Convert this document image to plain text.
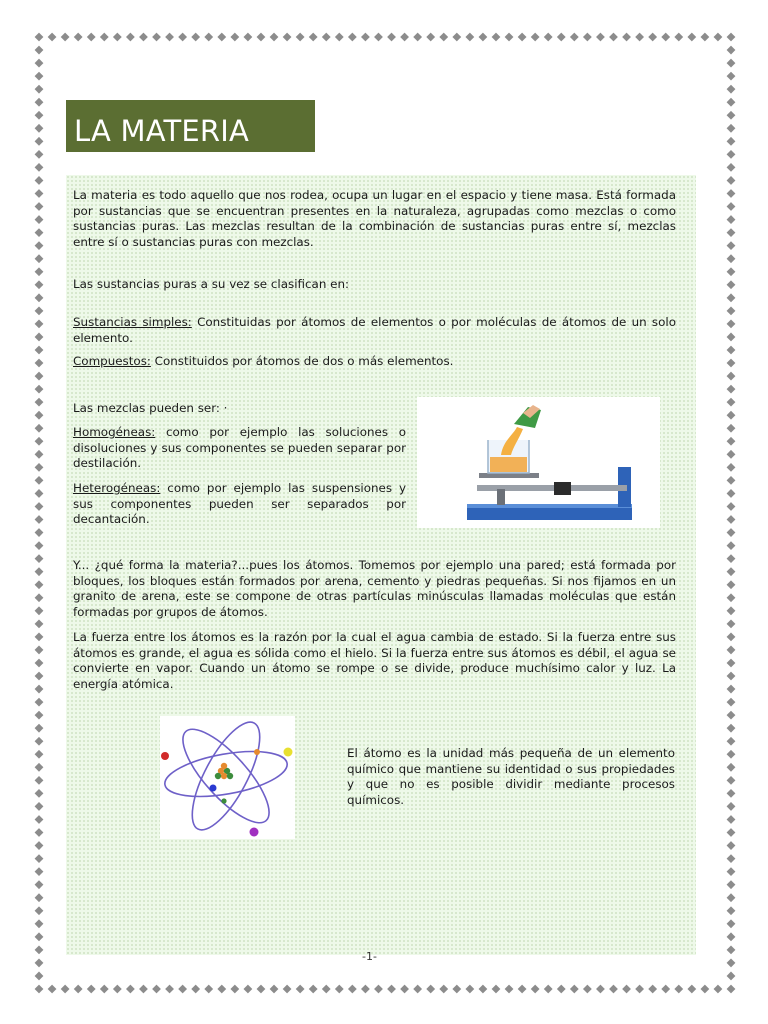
LA MATERIA

La materia es todo aquello que nos rodea, ocupa un lugar en el espacio y tiene masa. Está formada por sustancias que se encuentran presentes en la naturaleza, agrupadas como mezclas o como sustancias puras. Las mezclas resultan de la combinación de sustancias puras entre sí, mezclas entre sí o sustancias puras con mezclas.

Las sustancias puras a su vez se clasifican en:

Sustancias simples: Constituidas por átomos de elementos o por moléculas de átomos de un solo elemento.

Compuestos: Constituidos por átomos de dos o más elementos.

Las mezclas pueden ser: ·

Homogéneas: como por ejemplo las soluciones o disoluciones y sus componentes se pueden separar por destilación.

Heterogéneas: como por ejemplo las suspensiones y sus componentes pueden ser separados por decantación.

Y... ¿qué forma la materia?...pues los átomos. Tomemos por ejemplo una pared; está formada por bloques, los bloques están formados por arena, cemento y piedras pequeñas. Si nos fijamos en un granito de arena, este se compone de otras partículas minúsculas llamadas moléculas que están formadas por grupos de átomos.

La fuerza entre los átomos es la razón por la cual el agua cambia de estado. Si la fuerza entre sus átomos es grande, el agua es sólida como el hielo. Si la fuerza entre sus átomos es débil, el agua se convierte en vapor. Cuando un átomo se rompe o se divide, produce muchísimo calor y luz. La energía atómica.

El átomo es la unidad más pequeña de un elemento químico que mantiene su identidad o sus propiedades y que no es posible dividir mediante procesos químicos.

-1-
